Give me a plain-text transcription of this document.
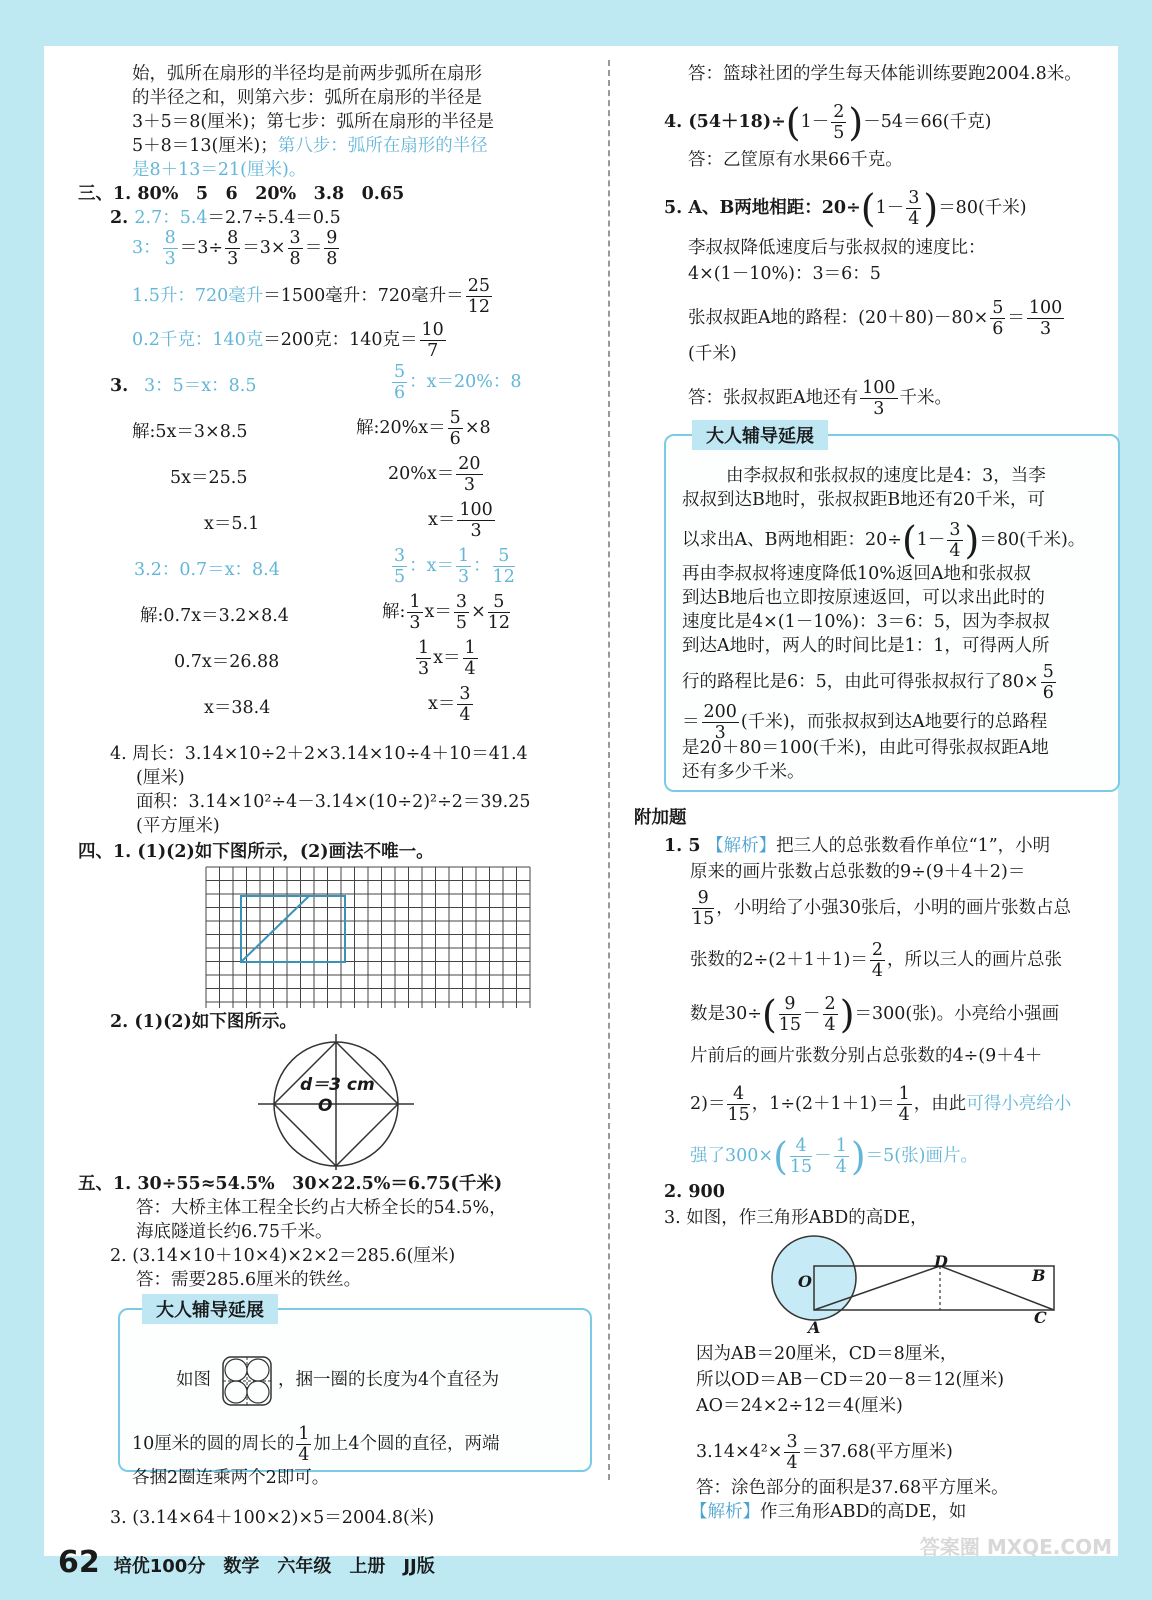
始，弧所在扇形的半径均是前两步弧所在扇形
的半径之和，则第六步：弧所在扇形的半径是
3＋5＝8(厘米)；第七步：弧所在扇形的半径是
5＋8＝13(厘米)；第八步：弧所在扇形的半径
是8＋13＝21(厘米)。
三、1. 80%　5　6　20%　3.8　0.65
2. 2.7：5.4＝2.7÷5.4＝0.5
3： $\frac{8}{3} =3\div \frac{8}{3} =3\times \frac{3}{8} = \frac{9}{8}$
1.5升：720毫升＝1500毫升：720毫升＝ $\frac{25}{12}$
0.2千克：140克＝200克：140克＝ $\frac{10}{7}$
3. 3：5＝x：8.5	$\frac{5}{6}$ ：x＝20%：8
解:5x＝3×8.5
5x＝25.5
x＝5.1
解:20%x＝ $\frac{5}{6} \times 8$
$20\%x= \frac{20}{3}$
$x= \frac{100}{3}$
3.2：0.7＝x：8.4	$\frac{3}{5}$ ：$x= \frac{1}{3}$ ： $\frac{5}{12}$
解:0.7x＝3.2×8.4
0.7x＝26.88
x＝38.4
解: $\frac{1}{3} x= \frac{3}{5} \times \frac{5}{12}$
$\frac{1}{3} x= \frac{1}{4}$
$x= \frac{3}{4}$
4. 周长：3.14×10÷2＋2×3.14×10÷4＋10＝41.4
(厘米)
面积：3.14×10²÷4－3.14×(10÷2)²÷2＝39.25
(平方厘米)
四、1. (1)(2)如下图所示，(2)画法不唯一。
2. (1)(2)如下图所示。
d＝3 cm
O
五、1. 30÷55≈54.5%　30×22.5%＝6.75(千米)
答：大桥主体工程全长约占大桥全长的54.5%，
海底隧道长约6.75千米。
2. (3.14×10＋10×4)×2×2＝285.6(厘米)
答：需要285.6厘米的铁丝。
大人辅导延展
如图	，捆一圈的长度为4个直径为
10厘米的圆的周长的 $\frac{1}{4}$ 加上4个圆的直径，两端
各捆2圈连乘两个2即可。
3. (3.14×64＋100×2)×5＝2004.8(米)
答：篮球社团的学生每天体能训练要跑2004.8米。
4. $(54+18)\div(1- \frac{2}{5} )-54=66$(千克)
答：乙筐原有水果66千克。
5. A、B两地相距：$20\div(1- \frac{3}{4} )=80$(千米)
李叔叔降低速度后与张叔叔的速度比：
4×(1－10%)：3＝6：5
张叔叔距A地的路程：$(20+80)-80\times \frac{5}{6} = \frac{100}{3}$
(千米)
答：张叔叔距A地还有 $\frac{100}{3}$ 千米。
大人辅导延展
由李叔叔和张叔叔的速度比是4：3，当李
叔叔到达B地时，张叔叔距B地还有20千米，可
以求出A、B两地相距：$20\div(1- \frac{3}{4} )=80$(千米)。
再由李叔叔将速度降低10%返回A地和张叔叔
到达B地后也立即按原速返回，可以求出此时的
速度比是4×(1－10%)：3＝6：5，因为李叔叔
到达A地时，两人的时间比是1：1，可得两人所
行的路程比是6：5，由此可得张叔叔行了$80\times \frac{5}{6}$
＝ $\frac{200}{3}$ (千米)，而张叔叔到达A地要行的总路程
是20＋80＝100(千米)，由此可得张叔叔距A地
还有多少千米。
附加题
1. 5 【解析】把三人的总张数看作单位“1”，小明
原来的画片张数占总张数的9÷(9＋4＋2)＝
$\frac{9}{15}$ ，小明给了小强30张后，小明的画片张数占总
张数的$2\div(2+1+1)= \frac{2}{4}$ ，所以三人的画片总张
数是$30\div( \frac{9}{15} - \frac{2}{4} )=300$(张)。小亮给小强画
片前后的画片张数分别占总张数的4÷(9＋4＋
$2)= \frac{4}{15}$ ，$1\div(2+1+1)= \frac{1}{4}$ ，由此可得小亮给小
强了$300\times( \frac{4}{15} - \frac{1}{4} )=5$(张)画片。
2. 900
3. 如图，作三角形ABD的高DE，
O
D
B
A
C
因为AB＝20厘米，CD＝8厘米，
所以OD＝AB－CD＝20－8＝12(厘米)
AO＝24×2÷12＝4(厘米)
$3.14\times 4^2\times \frac{3}{4} =37.68$(平方厘米)
答：涂色部分的面积是37.68平方厘米。
【解析】作三角形ABD的高DE，如
62 培优100分　数学　六年级　上册　JJ版
答案圈 MXQE.COM
